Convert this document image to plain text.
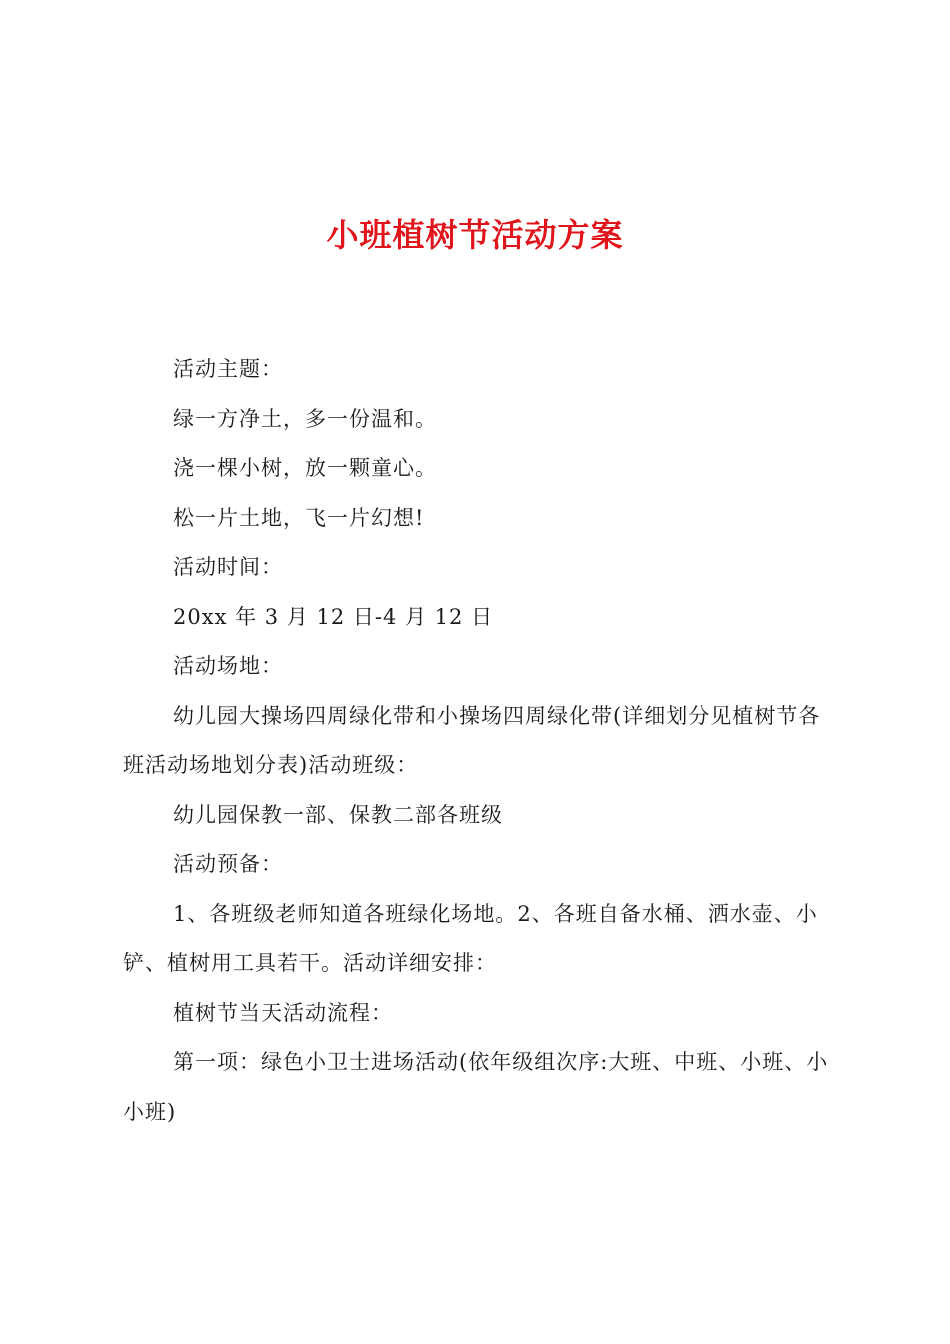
小班植树节活动方案

活动主题：

绿一方净土，多一份温和。

浇一棵小树，放一颗童心。

松一片土地，飞一片幻想!

活动时间：

20xx 年 3 月 12 日-4 月 12 日

活动场地：

幼儿园大操场四周绿化带和小操场四周绿化带(详细划分见植树节各班活动场地划分表)活动班级：

幼儿园保教一部、保教二部各班级

活动预备：

1、各班级老师知道各班绿化场地。2、各班自备水桶、洒水壶、小铲、植树用工具若干。活动详细安排：

植树节当天活动流程：

第一项：绿色小卫士进场活动(依年级组次序:大班、中班、小班、小小班)
